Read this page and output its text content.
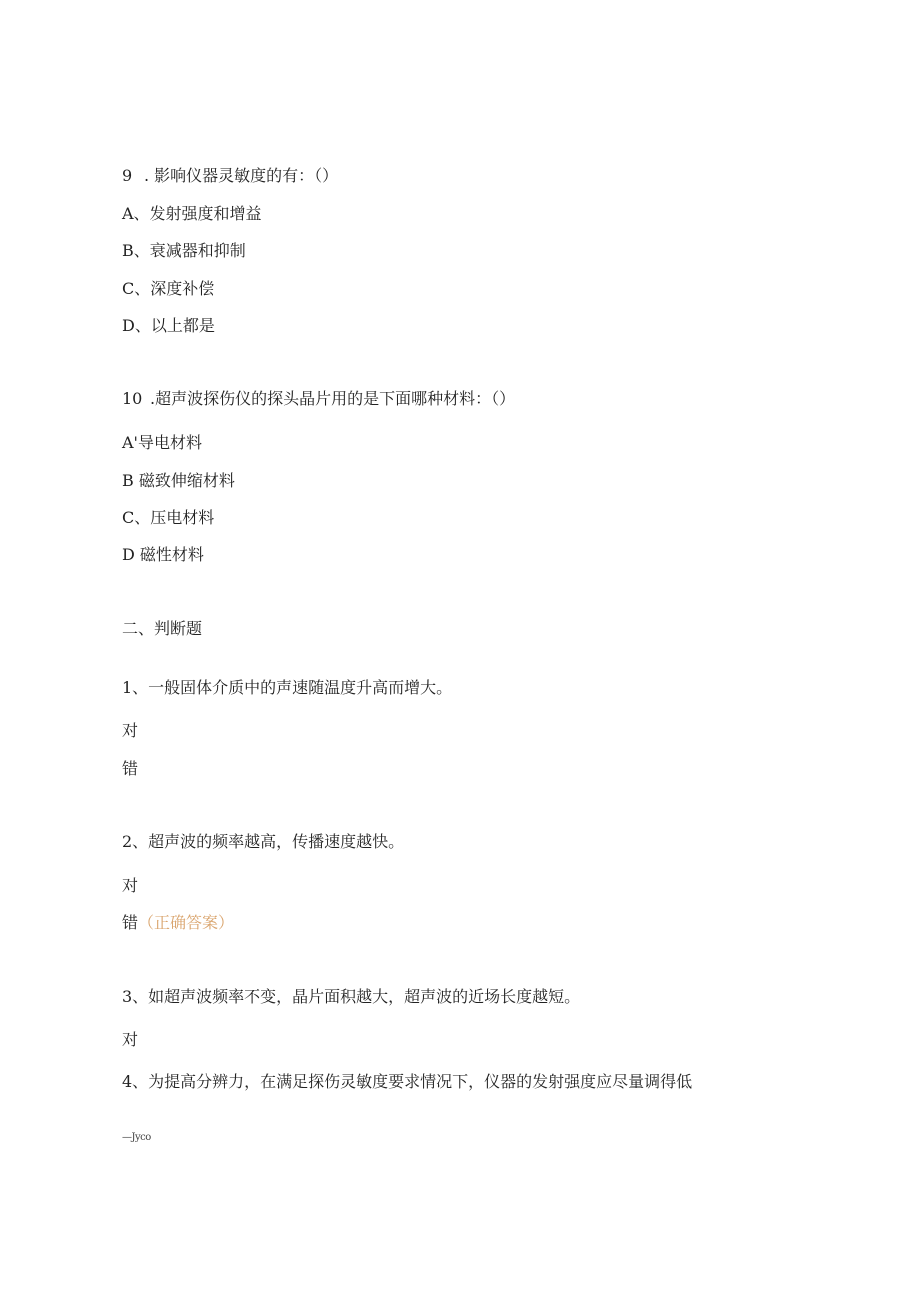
9 . 影响仪器灵敏度的有：（）
A、发射强度和增益
B、衰减器和抑制
C、深度补偿
D、以上都是
10 .超声波探伤仪的探头晶片用的是下面哪种材料：（）
A'导电材料
B 磁致伸缩材料
C、压电材料
D 磁性材料
二、判断题
1、一般固体介质中的声速随温度升高而增大。
对
错
2、超声波的频率越高，传播速度越快。
对
错（正确答案）
3、如超声波频率不变，晶片面积越大，超声波的近场长度越短。
对
4、为提高分辨力，在满足探伤灵敏度要求情况下，仪器的发射强度应尽量调得低
—Jyco
